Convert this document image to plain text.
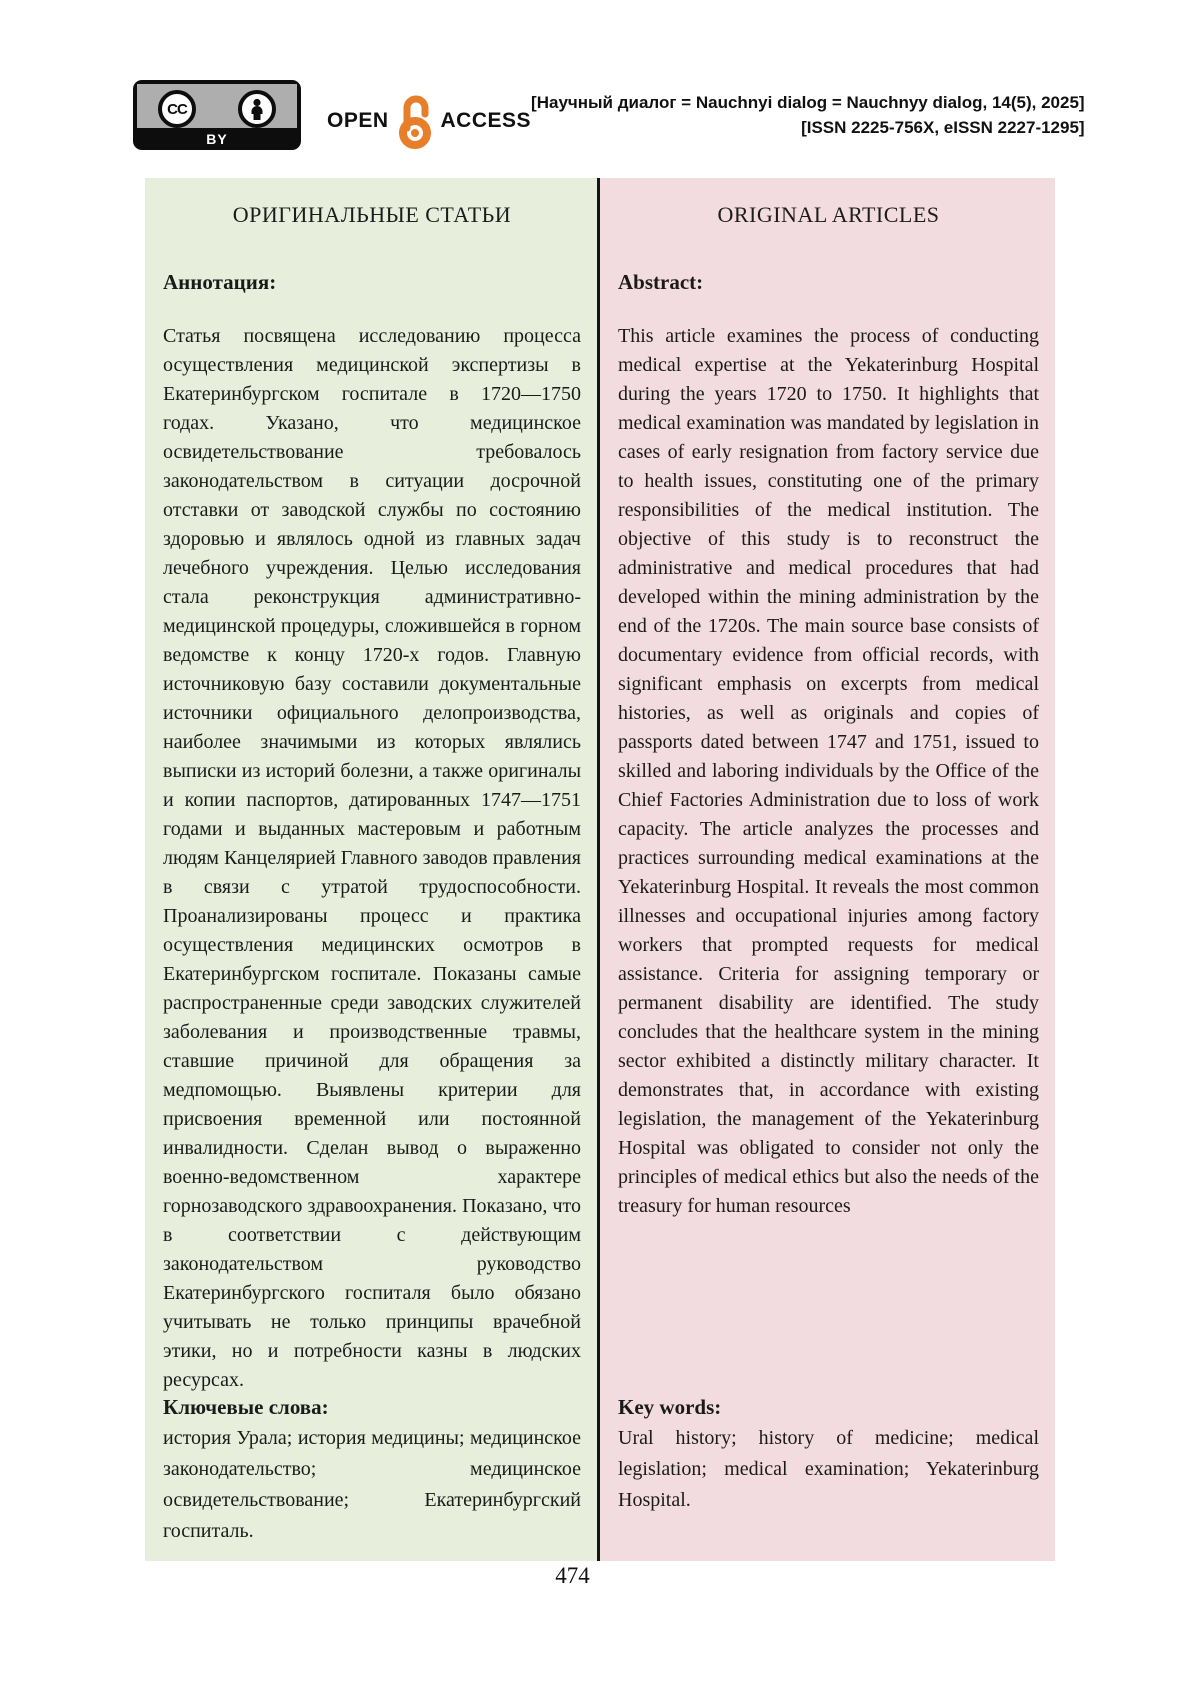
CC
BY
OPEN ACCESS
[Научный диалог = Nauchnyi dialog = Nauchnyy dialog, 14(5), 2025]
[ISSN 2225-756X, eISSN 2227-1295]
ОРИГИНАЛЬНЫЕ СТАТЬИ
Аннотация:
Статья посвящена исследованию процесса осуществления медицинской экспертизы в Екатеринбургском госпитале в 1720—1750 годах. Указано, что медицинское освидетельствование требовалось законодательством в ситуации досрочной отставки от заводской службы по состоянию здоровью и являлось одной из главных задач лечебного учреждения. Целью исследования стала реконструкция административно-медицинской процедуры, сложившейся в горном ведомстве к концу 1720-х годов. Главную источниковую базу составили документальные источники официального делопроизводства, наиболее значимыми из которых являлись выписки из историй болезни, а также оригиналы и копии паспортов, датированных 1747—1751 годами и выданных мастеровым и работным людям Канцелярией Главного заводов правления в связи с утратой трудоспособности. Проанализированы процесс и практика осуществления медицинских осмотров в Екатеринбургском госпитале. Показаны самые распространенные среди заводских служителей заболевания и производственные травмы, ставшие причиной для обращения за медпомощью. Выявлены критерии для присвоения временной или постоянной инвалидности. Сделан вывод о выраженно военно-ведомственном характере горнозаводского здравоохранения. Показано, что в соответствии с действующим законодательством руководство Екатеринбургского госпиталя было обязано учитывать не только принципы врачебной этики, но и потребности казны в людских ресурсах.
Ключевые слова:
история Урала; история медицины; медицинское законодательство; медицинское освидетельствование; Екатеринбургский госпиталь.
ORIGINAL ARTICLES
Abstract:
This article examines the process of conducting medical expertise at the Yekaterinburg Hospital during the years 1720 to 1750. It highlights that medical examination was mandated by legislation in cases of early resignation from factory service due to health issues, constituting one of the primary responsibilities of the medical institution. The objective of this study is to reconstruct the administrative and medical procedures that had developed within the mining administration by the end of the 1720s. The main source base consists of documentary evidence from official records, with significant emphasis on excerpts from medical histories, as well as originals and copies of passports dated between 1747 and 1751, issued to skilled and laboring individuals by the Office of the Chief Factories Administration due to loss of work capacity. The article analyzes the processes and practices surrounding medical examinations at the Yekaterinburg Hospital. It reveals the most common illnesses and occupational injuries among factory workers that prompted requests for medical assistance. Criteria for assigning temporary or permanent disability are identified. The study concludes that the healthcare system in the mining sector exhibited a distinctly military character. It demonstrates that, in accordance with existing legislation, the management of the Yekaterinburg Hospital was obligated to consider not only the principles of medical ethics but also the needs of the treasury for human resources
Key words:
Ural history; history of medicine; medical legislation; medical examination; Yekaterinburg Hospital.
474
